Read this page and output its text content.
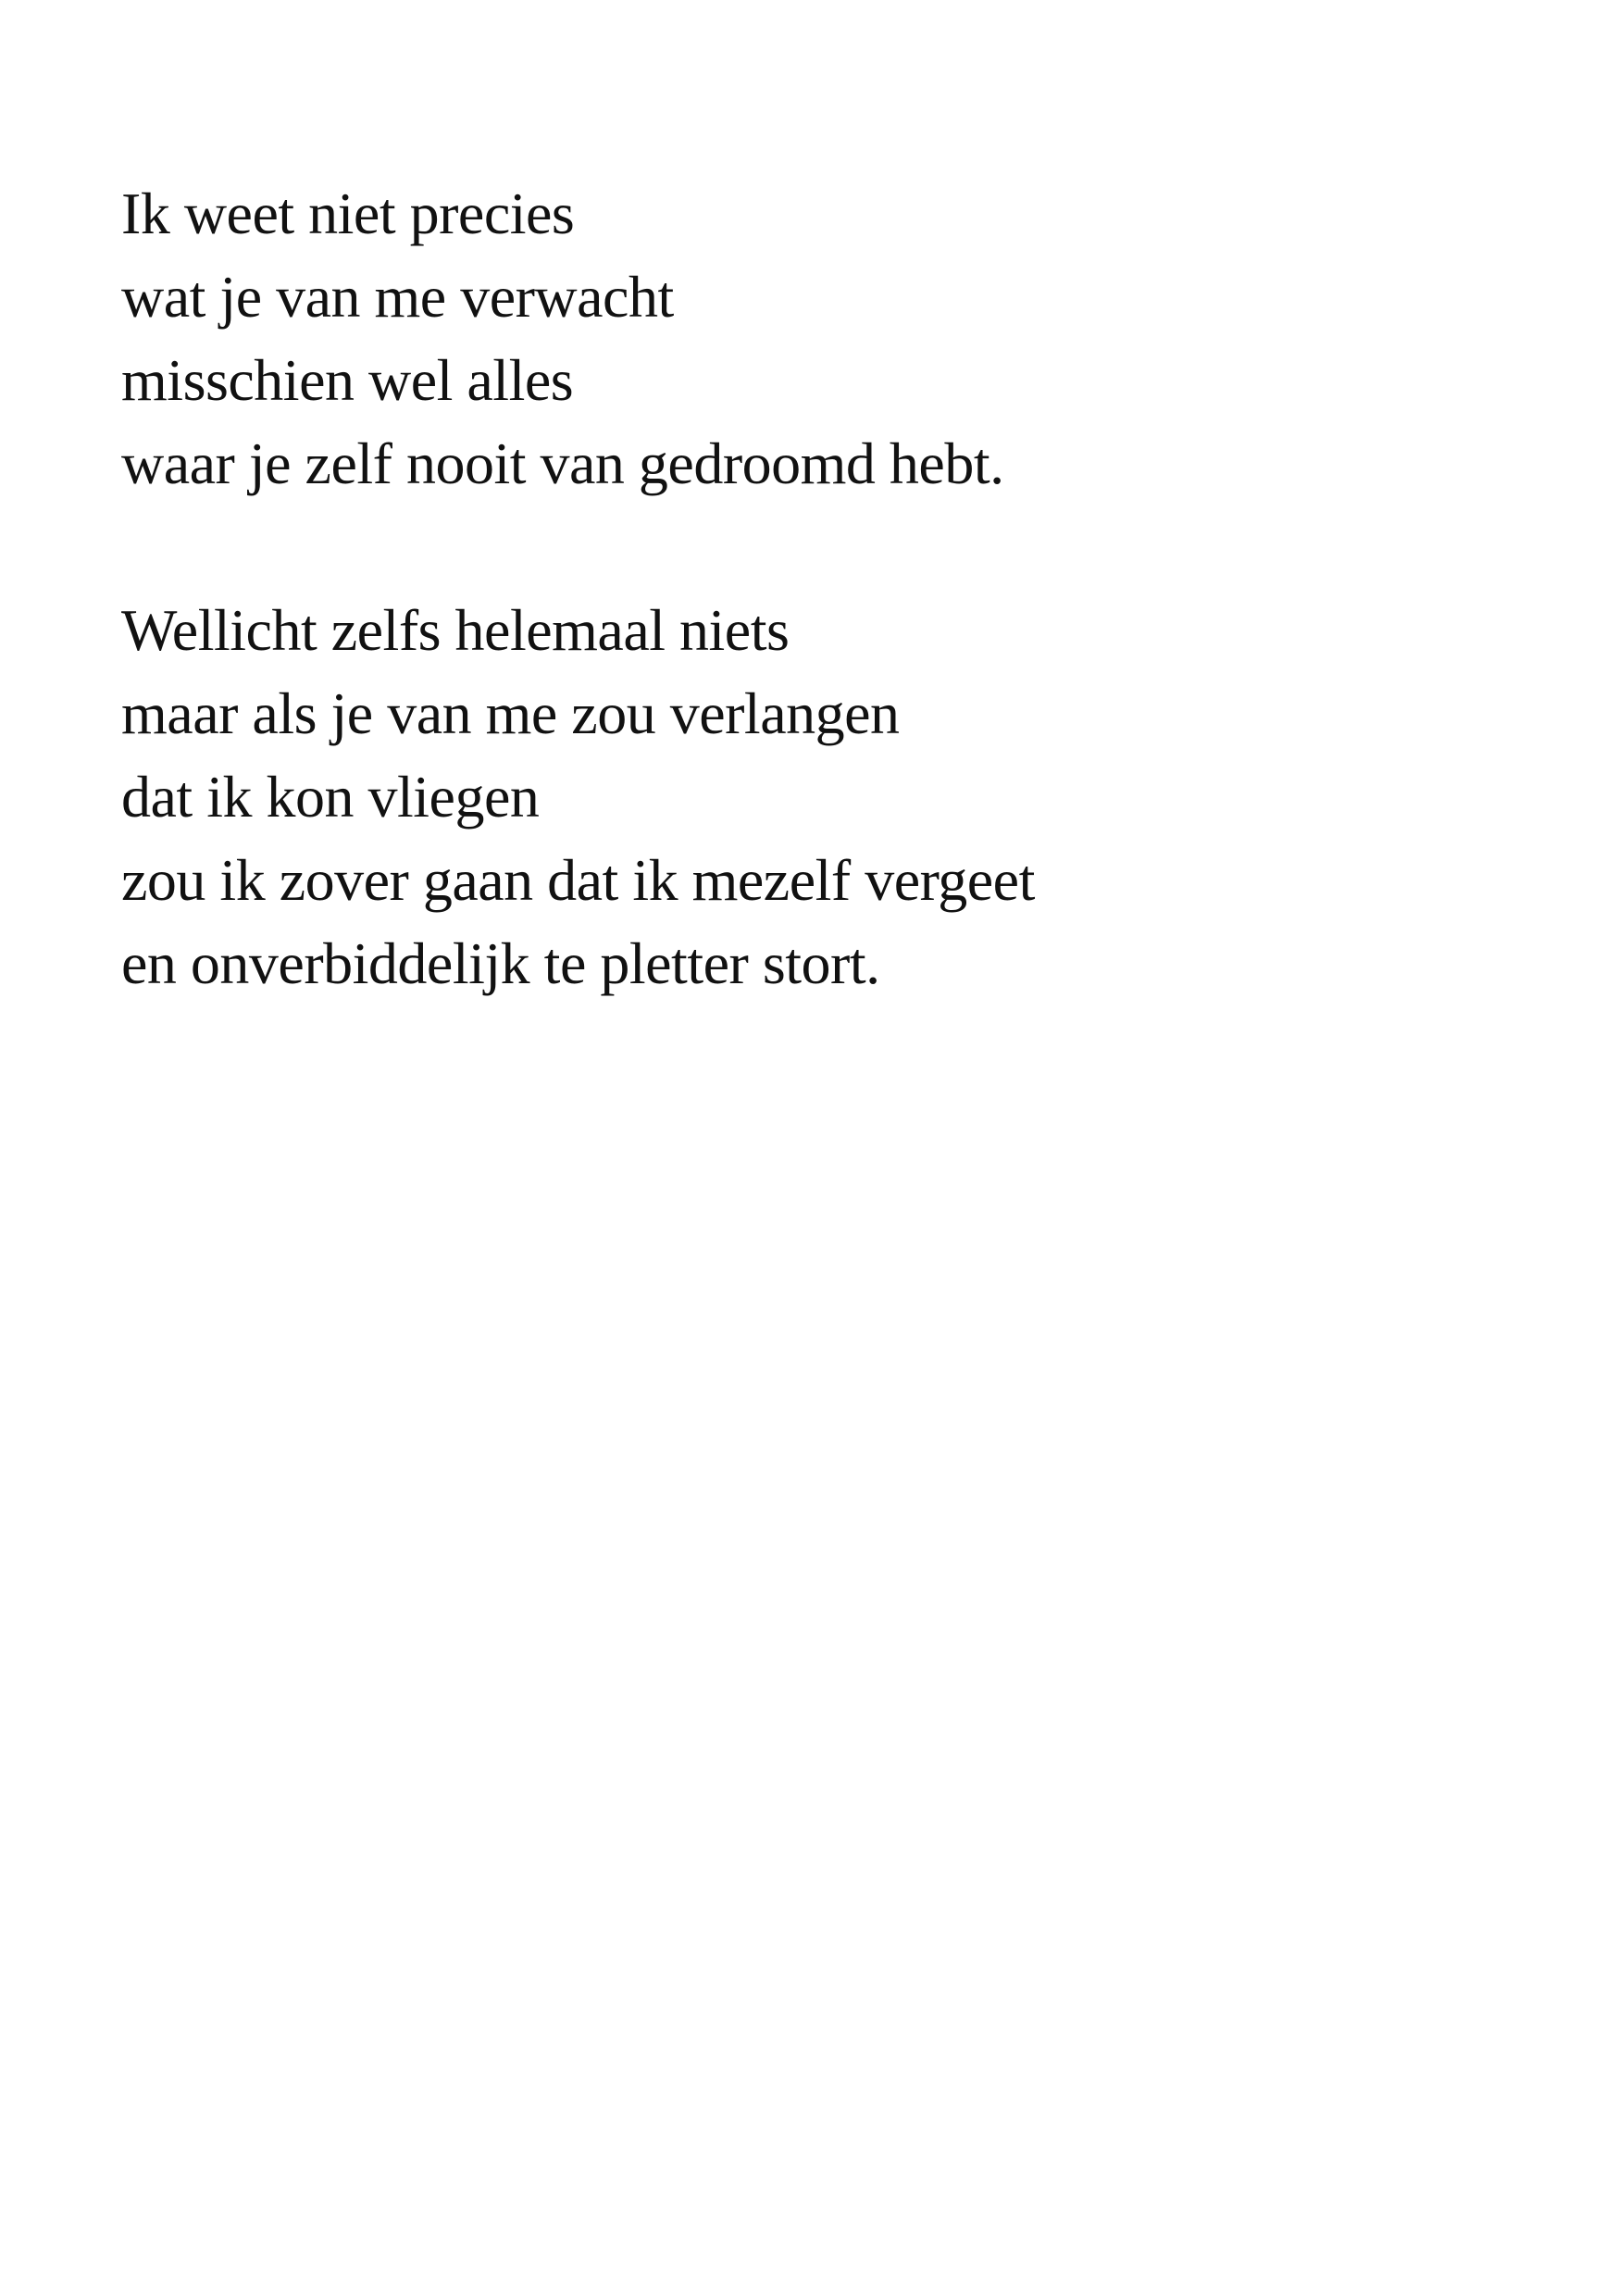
Ik weet niet precies
wat je van me verwacht
misschien wel alles
waar je zelf nooit van gedroomd hebt.

Wellicht zelfs helemaal niets
maar als je van me zou verlangen
dat ik kon vliegen
zou ik zover gaan dat ik mezelf vergeet
en onverbiddelijk te pletter stort.
